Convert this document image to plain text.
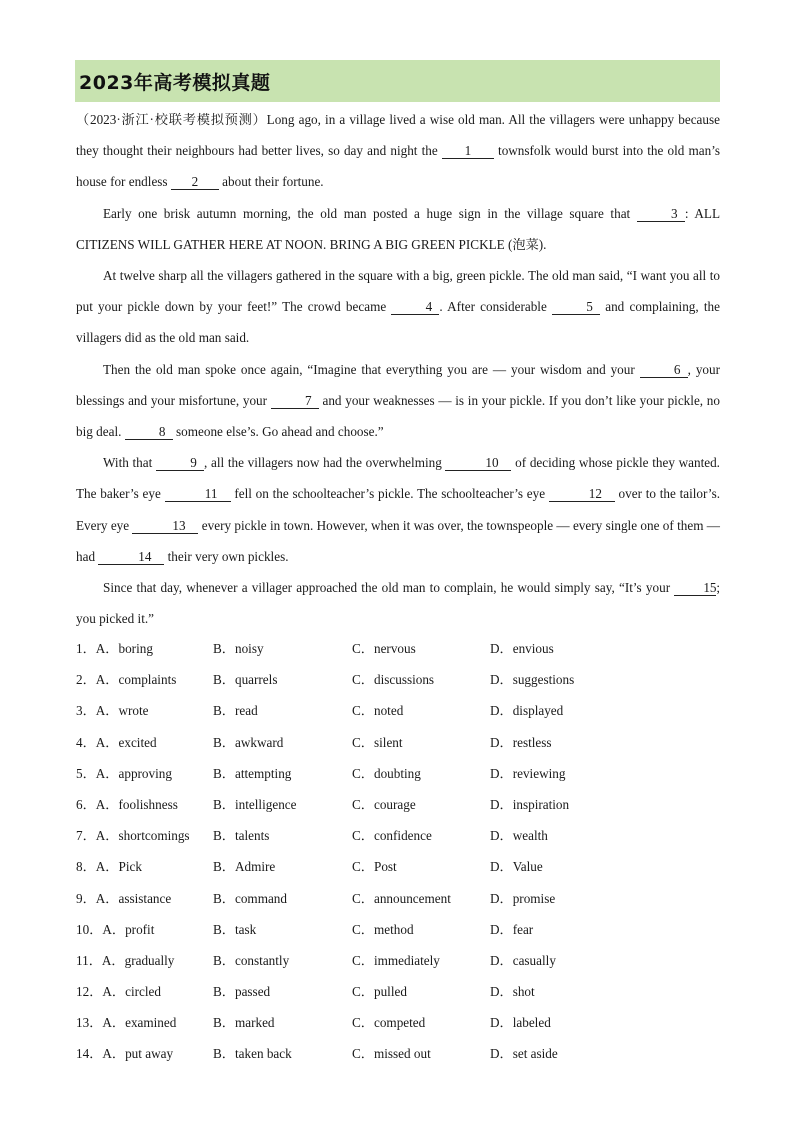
2023年高考模拟真题

（2023·浙江·校联考模拟预测）Long ago, in a village lived a wise old man. All the villagers were unhappy because they thought their neighbours had better lives, so day and night the 1 townsfolk would burst into the old man’s house for endless 2 about their fortune.

Early one brisk autumn morning, the old man posted a huge sign in the village square that	3 : ALL CITIZENS WILL GATHER HERE AT NOON. BRING A BIG GREEN PICKLE (泡菜).

At twelve sharp all the villagers gathered in the square with a big, green pickle. The old man said, “I want you all to put your pickle down by your feet!” The crowd became	4 . After considerable	5 and complaining, the villagers did as the old man said.

Then the old man spoke once again, “Imagine that everything you are — your wisdom and your	6 , your blessings and your misfortune, your	7 and your weaknesses — is in your pickle. If you don’t like your pickle, no big deal.	8 someone else’s. Go ahead and choose.”

With that	9 , all the villagers now had the overwhelming	10 of deciding whose pickle they wanted. The baker’s eye	11 fell on the schoolteacher’s pickle. The schoolteacher’s eye	12 over to the tailor’s. Every eye	13 every pickle in town. However, when it was over, the townspeople — every single one of them — had	14 their very own pickles.

Since that day, whenever a villager approached the old man to complain, he would simply say, “It’s your 15; you picked it.”

1．A．boring	B．noisy	C．nervous	D．envious
2．A．complaints	B．quarrels	C．discussions	D．suggestions
3．A．wrote	B．read	C．noted	D．displayed
4．A．excited	B．awkward	C．silent	D．restless
5．A．approving	B．attempting	C．doubting	D．reviewing
6．A．foolishness	B．intelligence	C．courage	D．inspiration
7．A．shortcomings B．talents	C．confidence	D．wealth
8．A．Pick	B．Admire	C．Post	D．Value
9．A．assistance	B．command	C．announcement	D．promise
10．A．profit	B．task	C．method	D．fear
11．A．gradually	B．constantly	C．immediately	D．casually
12．A．circled	B．passed	C．pulled	D．shot
13．A．examined	B．marked	C．competed	D．labeled
14．A．put away	B．taken back	C．missed out	D．set aside
